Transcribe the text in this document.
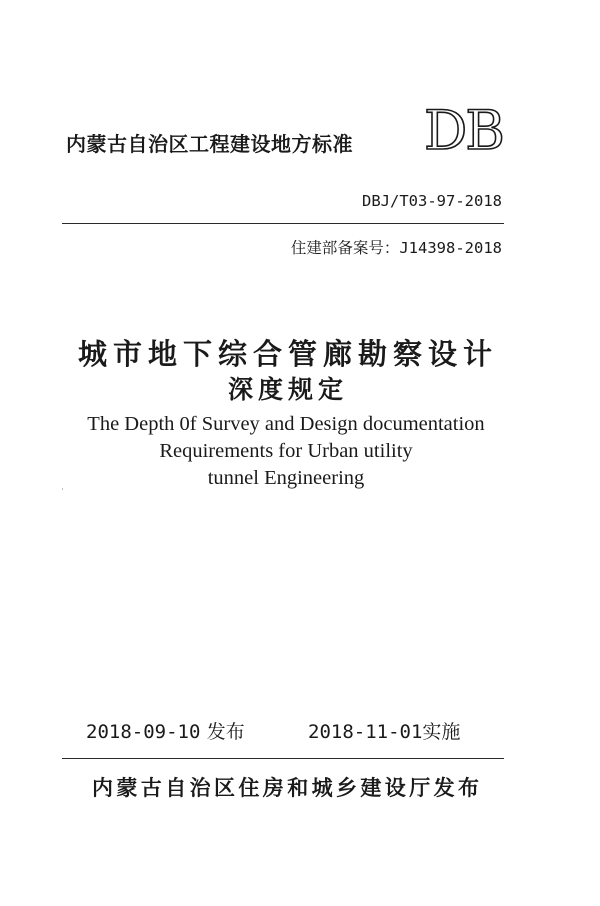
内蒙古自治区工程建设地方标准 DB
DBJ/T03-97-2018
住建部备案号：J14398-2018
城市地下综合管廊勘察设计
深度规定
The Depth 0f Survey and Design documentation
Requirements for Urban utility
tunnel Engineering
2018-09-10 发布	2018-11-01实施
内蒙古自治区住房和城乡建设厅发布
